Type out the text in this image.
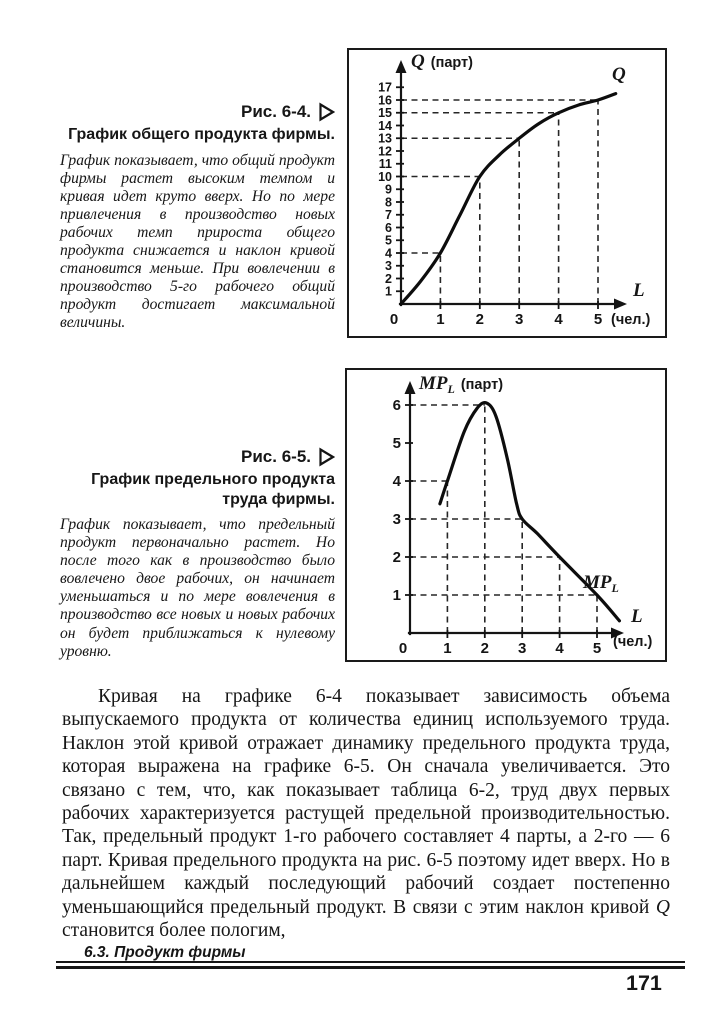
Рис. 6-4.
График общего продукта фирмы.

График показывает, что общий продукт фирмы растет высоким темпом и кривая идет круто вверх. Но по мере привлечения в производство новых рабочих темп прироста общего продукта снижается и наклон кривой становится меньше. При вовлечении в производство 5-го рабочего общий продукт достигает максимальной величины.

1
2
3
4
5
6
7
8
9
10
11
12
13
14
15
16
17
0	1 2 3 4 5
Q (парт)
Q
L
(чел.)
Рис. 6-5.
График предельного продукта труда фирмы.

График показывает, что предельный продукт первоначально растет. Но после того как в производство было вовлечено двое рабочих, он начинает уменьшаться и по мере вовлечения в производство все новых и новых рабочих он будет приближаться к нулевому уровню.

1
2
3
4
5
6
0 1 2 3 4 5
$MP_L$ (парт)
$MP_L$
L
(чел.)

Кривая на графике 6-4 показывает зависимость объема выпускаемого продукта от количества единиц используемого труда. Наклон этой кривой отражает динамику предельного продукта труда, которая выражена на графике 6-5. Он сначала увеличивается. Это связано с тем, что, как показывает таблица 6-2, труд двух первых рабочих характеризуется растущей предельной производительностью. Так, предельный продукт 1-го рабочего составляет 4 парты, а 2-го — 6 парт. Кривая предельного продукта на рис. 6-5 поэтому идет вверх. Но в дальнейшем каждый последующий рабочий создает постепенно уменьшающийся предельный продукт. В связи с этим наклон кривой Q становится более пологим,

6.3. Продукт фирмы
171
